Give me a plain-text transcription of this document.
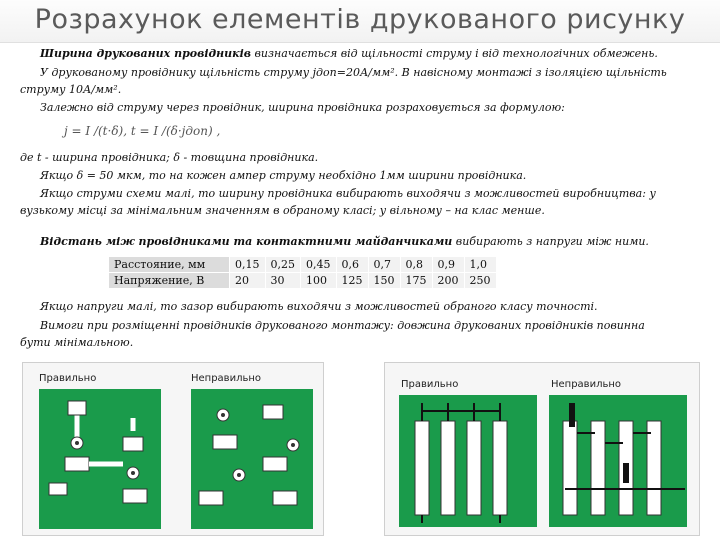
Розрахунок елементів друкованого рисунку
Ширина друкованих провідників визначається від щільності струму і від технологічних обмежень.
У друкованому провіднику щільність струму jдоп=20А/мм². В навісному монтажі з ізоляцією щільність
струму 10А/мм².
Залежно від струму через провідник, ширина провідника розраховується за формулою:
j = I /(t·δ), t = I /(δ·jдоп) ,
де t - ширина провідника; δ - товщина провідника.
Якщо δ = 50 мкм, то на кожен ампер струму необхідно 1мм ширини провідника.
Якщо струми схеми малі, то ширину провідника вибирають виходячи з можливостей виробництва: у
вузькому місці за мінімальним значенням в обраному класі; у вільному – на клас менше.
Відстань між провідниками та контактними майданчиками вибирають з напруги між ними.
Расстояние, мм	0,15	0,25	0,45	0,6	0,7	0,8	0,9	1,0
Напряжение, В	20	30	100	125	150	175	200	250
Якщо напруги малі, то зазор вибирають виходячи з можливостей обраного класу точності.
Вимоги при розміщенні провідників друкованого монтажу: довжина друкованих провідників повинна
бути мінімальною.
Правильно	Неправильно
Правильно	Неправильно
